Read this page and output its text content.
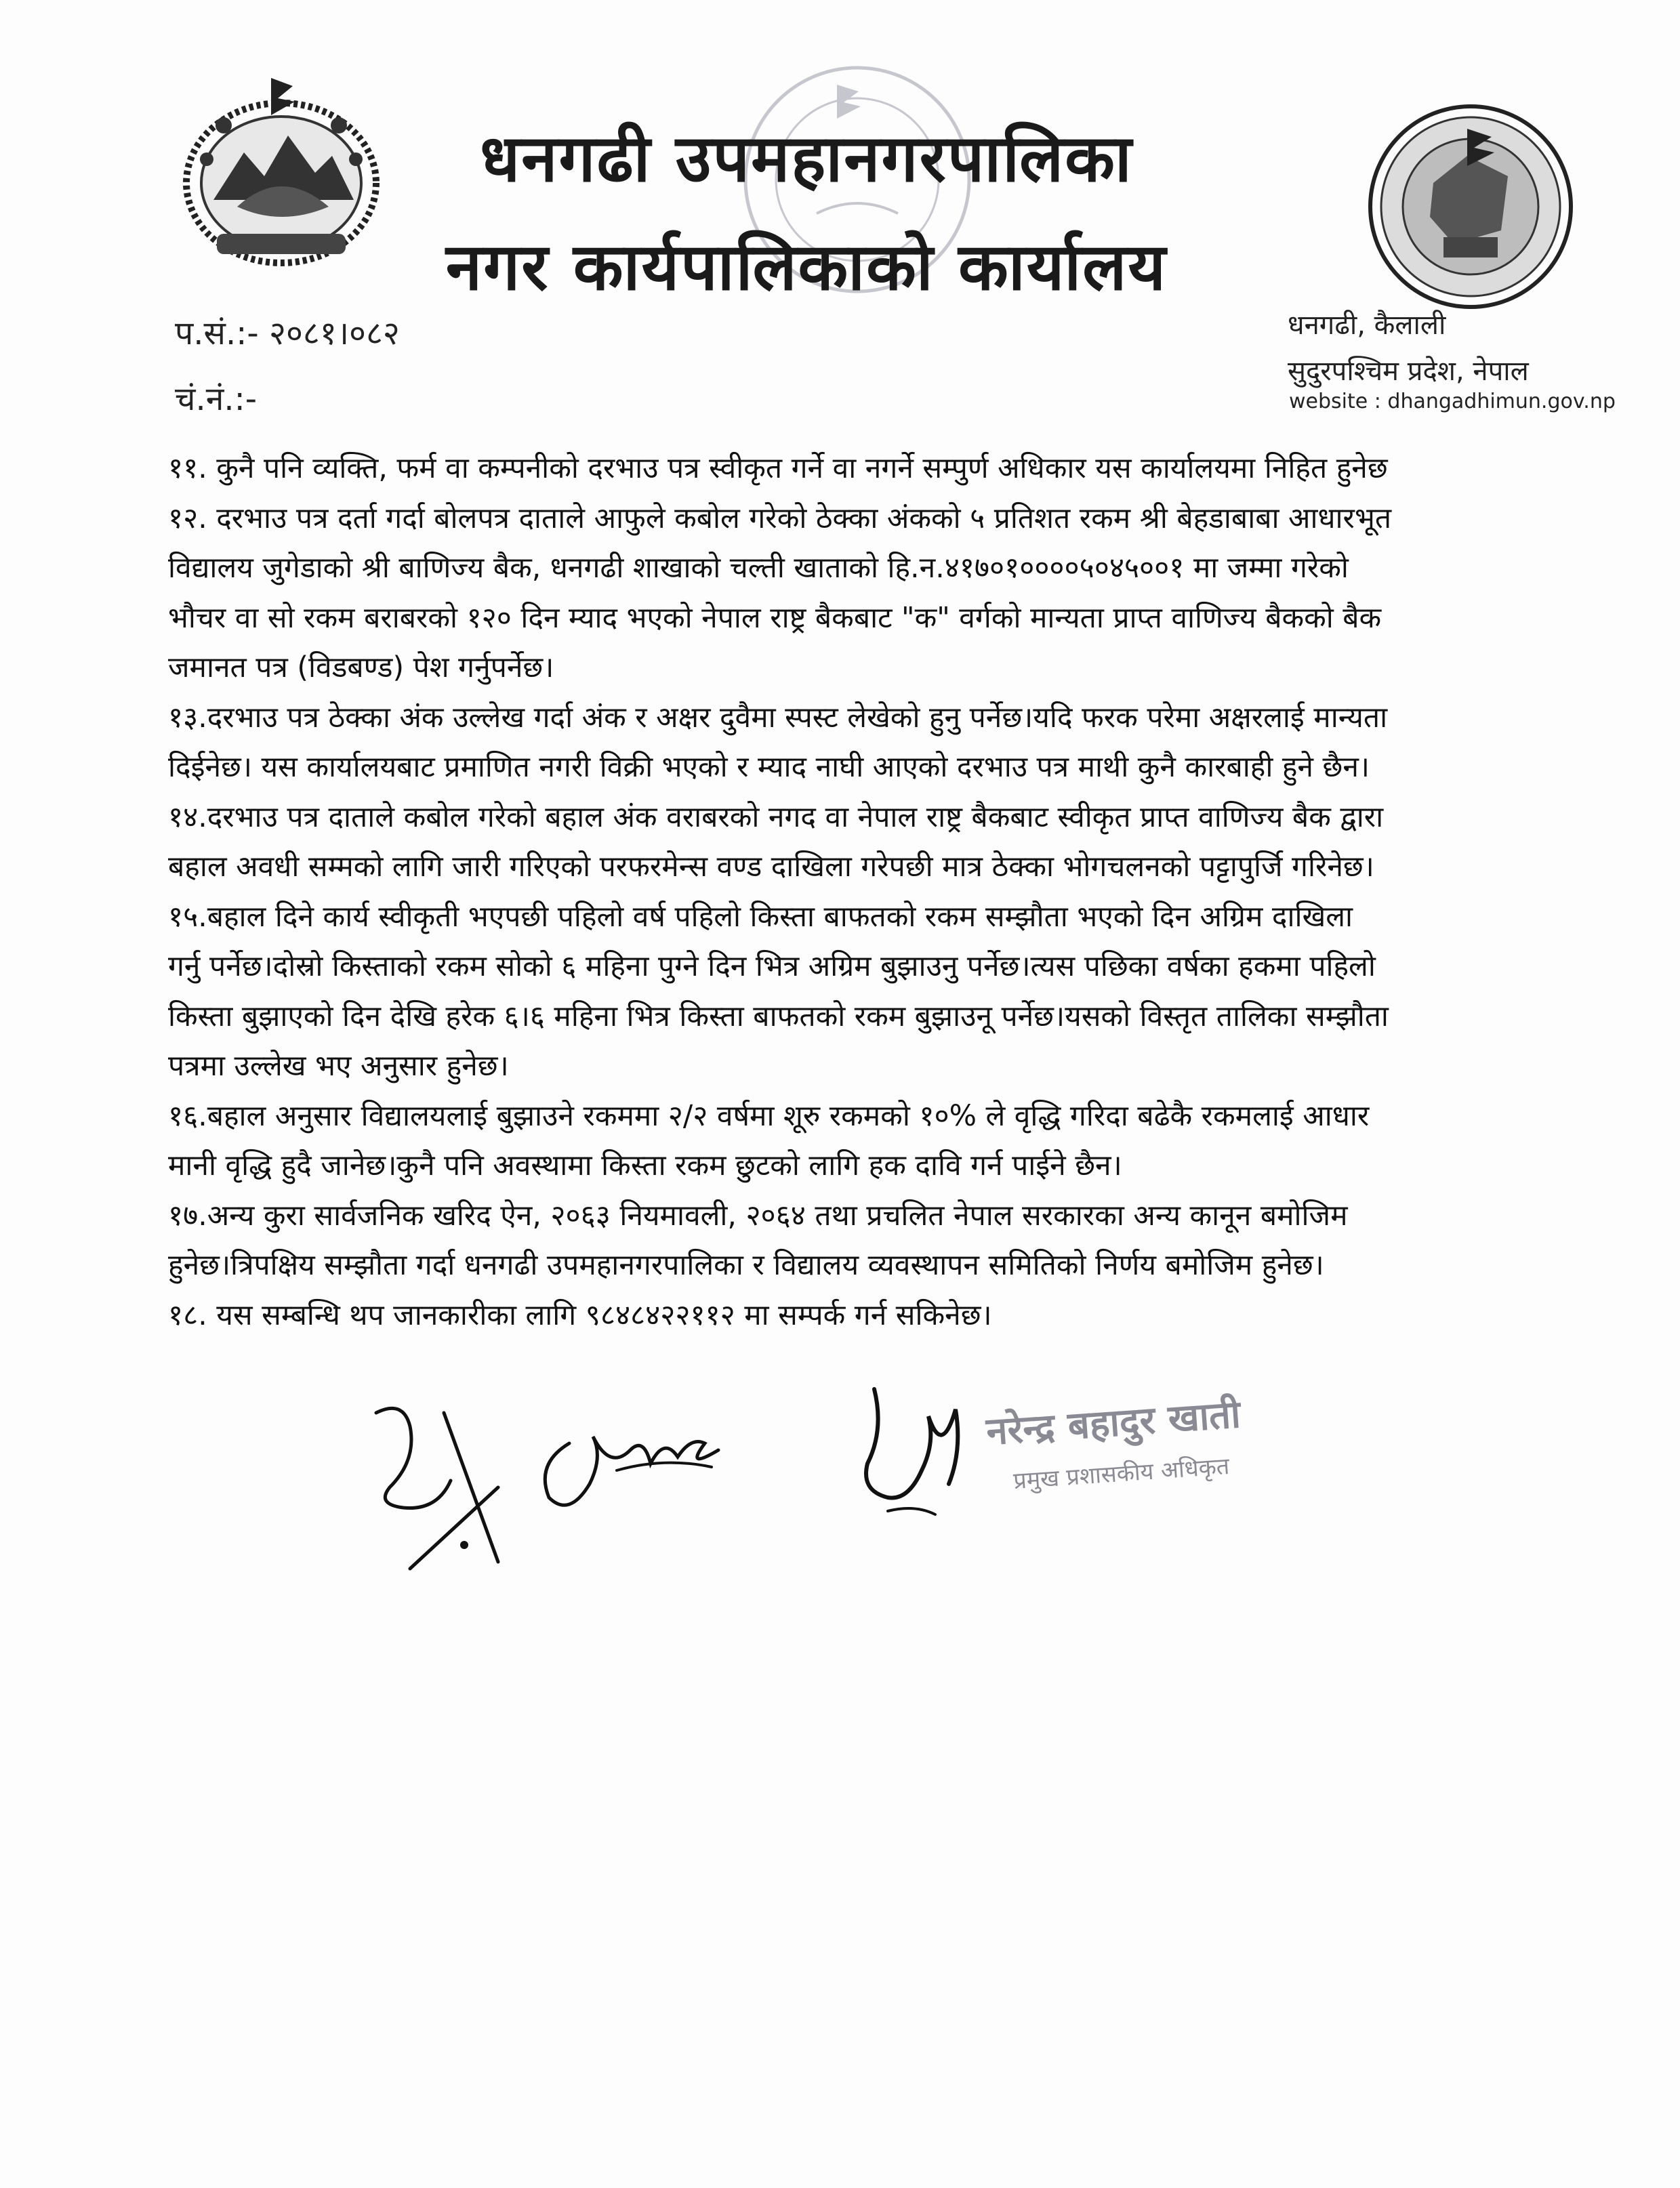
धनगढी उपमहानगरपालिका
नगर कार्यपालिकाको कार्यालय
प.सं.:- २०८१।०८२
चं.नं.:-
धनगढी, कैलाली
सुदुरपश्चिम प्रदेश, नेपाल
website : dhangadhimun.gov.np
११. कुनै पनि व्यक्ति, फर्म वा कम्पनीको दरभाउ पत्र स्वीकृत गर्ने वा नगर्ने सम्पुर्ण अधिकार यस कार्यालयमा निहित हुनेछ
१२. दरभाउ पत्र दर्ता गर्दा बोलपत्र दाताले आफुले कबोल गरेको ठेक्का अंकको ५ प्रतिशत रकम श्री बेहडाबाबा आधारभूत
विद्यालय जुगेडाको श्री बाणिज्य बैक, धनगढी शाखाको चल्ती खाताको हि.न.४१७०१००००५०४५००१ मा जम्मा गरेको
भौचर वा सो रकम बराबरको १२० दिन म्याद भएको नेपाल राष्ट्र बैकबाट "क" वर्गको मान्यता प्राप्त वाणिज्य बैकको बैक
जमानत पत्र (विडबण्ड) पेश गर्नुपर्नेछ।
१३.दरभाउ पत्र ठेक्का अंक उल्लेख गर्दा अंक र अक्षर दुवैमा स्पस्ट लेखेको हुनु पर्नेछ।यदि फरक परेमा अक्षरलाई मान्यता
दिईनेछ। यस कार्यालयबाट प्रमाणित नगरी विक्री भएको र म्याद नाघी आएको दरभाउ पत्र माथी कुनै कारबाही हुने छैन।
१४.दरभाउ पत्र दाताले कबोल गरेको बहाल अंक वराबरको नगद वा नेपाल राष्ट्र बैकबाट स्वीकृत प्राप्त वाणिज्य बैक द्वारा
बहाल अवधी सम्मको लागि जारी गरिएको परफरमेन्स वण्ड दाखिला गरेपछी मात्र ठेक्का भोगचलनको पट्टापुर्जि गरिनेछ।
१५.बहाल दिने कार्य स्वीकृती भएपछी पहिलो वर्ष पहिलो किस्ता बाफतको रकम सम्झौता भएको दिन अग्रिम दाखिला
गर्नु पर्नेछ।दोस्रो किस्ताको रकम सोको ६ महिना पुग्ने दिन भित्र अग्रिम बुझाउनु पर्नेछ।त्यस पछिका वर्षका हकमा पहिलो
किस्ता बुझाएको दिन देखि हरेक ६।६ महिना भित्र किस्ता बाफतको रकम बुझाउनू पर्नेछ।यसको विस्तृत तालिका सम्झौता
पत्रमा उल्लेख भए अनुसार हुनेछ।
१६.बहाल अनुसार विद्यालयलाई बुझाउने रकममा २/२ वर्षमा शूरु रकमको १०% ले वृद्धि गरिदा बढेकै रकमलाई आधार
मानी वृद्धि हुदै जानेछ।कुनै पनि अवस्थामा किस्ता रकम छुटको लागि हक दावि गर्न पाईने छैन।
१७.अन्य कुरा सार्वजनिक खरिद ऐन, २०६३ नियमावली, २०६४ तथा प्रचलित नेपाल सरकारका अन्य कानून बमोजिम
हुनेछ।त्रिपक्षिय सम्झौता गर्दा धनगढी उपमहानगरपालिका र विद्यालय व्यवस्थापन समितिको निर्णय बमोजिम हुनेछ।
१८. यस सम्बन्धि थप जानकारीका लागि ९८४८४२२११२ मा सम्पर्क गर्न सकिनेछ।
नरेन्द्र बहादुर खाती
प्रमुख प्रशासकीय अधिकृत
